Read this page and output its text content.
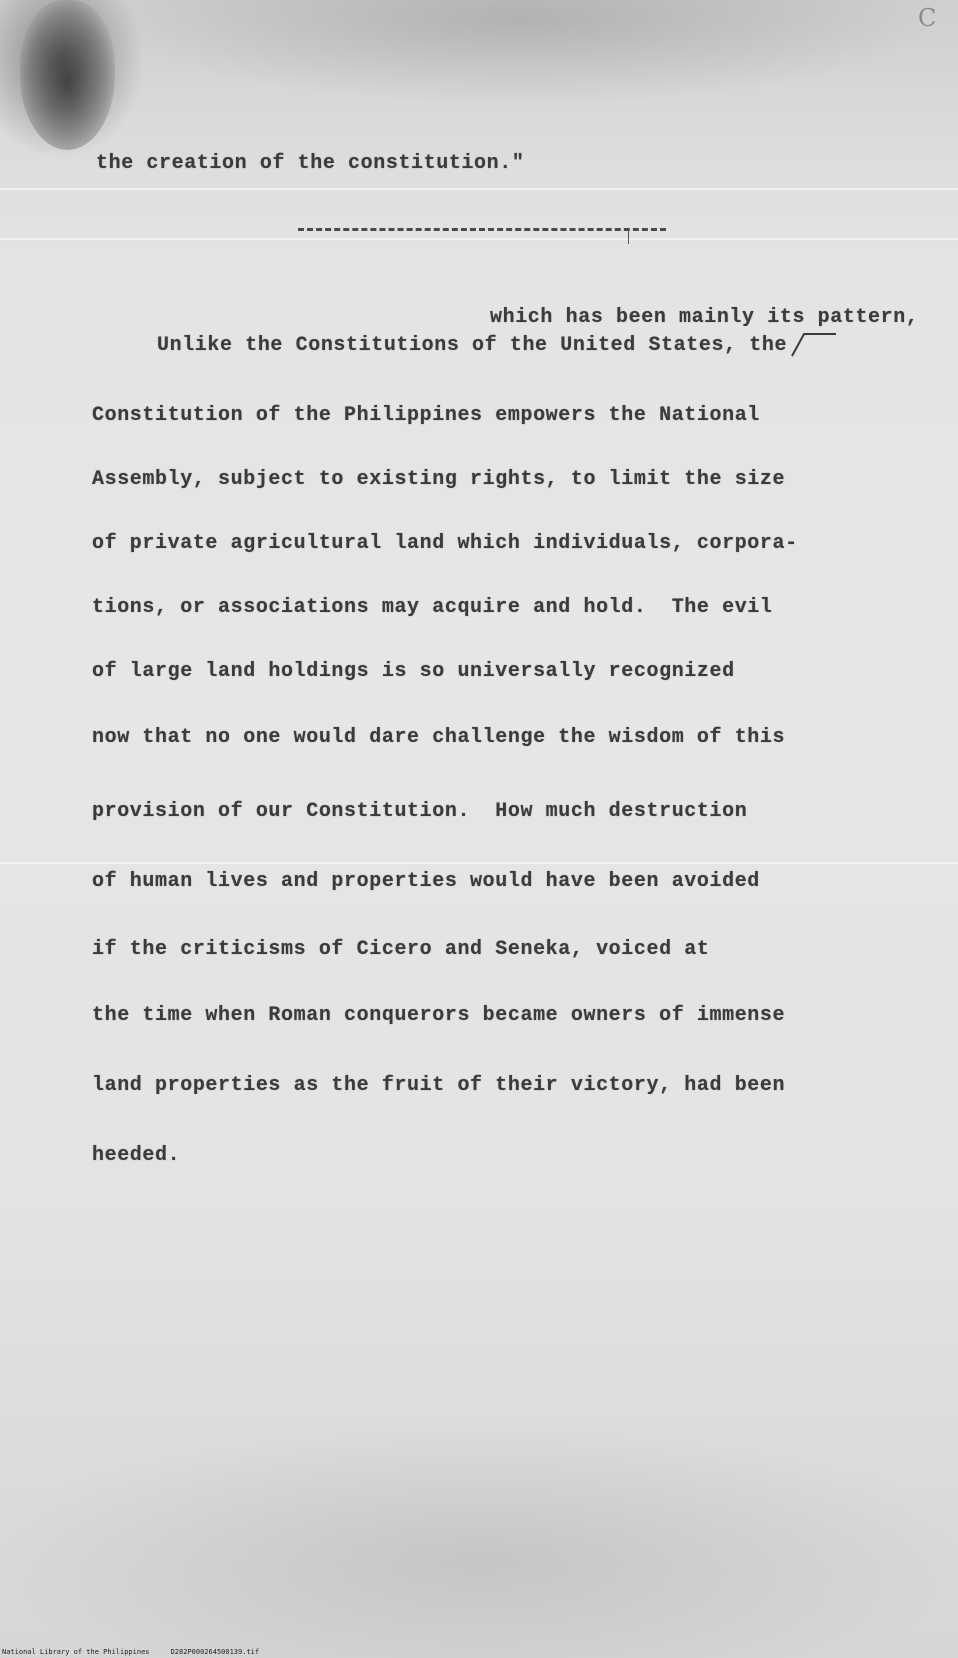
C
the creation of the constitution."
which has been mainly its pattern,
Unlike the Constitutions of the United States, the
Constitution of the Philippines empowers the National
Assembly, subject to existing rights, to limit the size
of private agricultural land which individuals, corpora-
tions, or associations may acquire and hold.  The evil
of large land holdings is so universally recognized
now that no one would dare challenge the wisdom of this
provision of our Constitution.  How much destruction
of human lives and properties would have been avoided
if the criticisms of Cicero and Seneka, voiced at
the time when Roman conquerors became owners of immense
land properties as the fruit of their victory, had been
heeded.
National Library of the Philippines	D282P000264500139.tif
